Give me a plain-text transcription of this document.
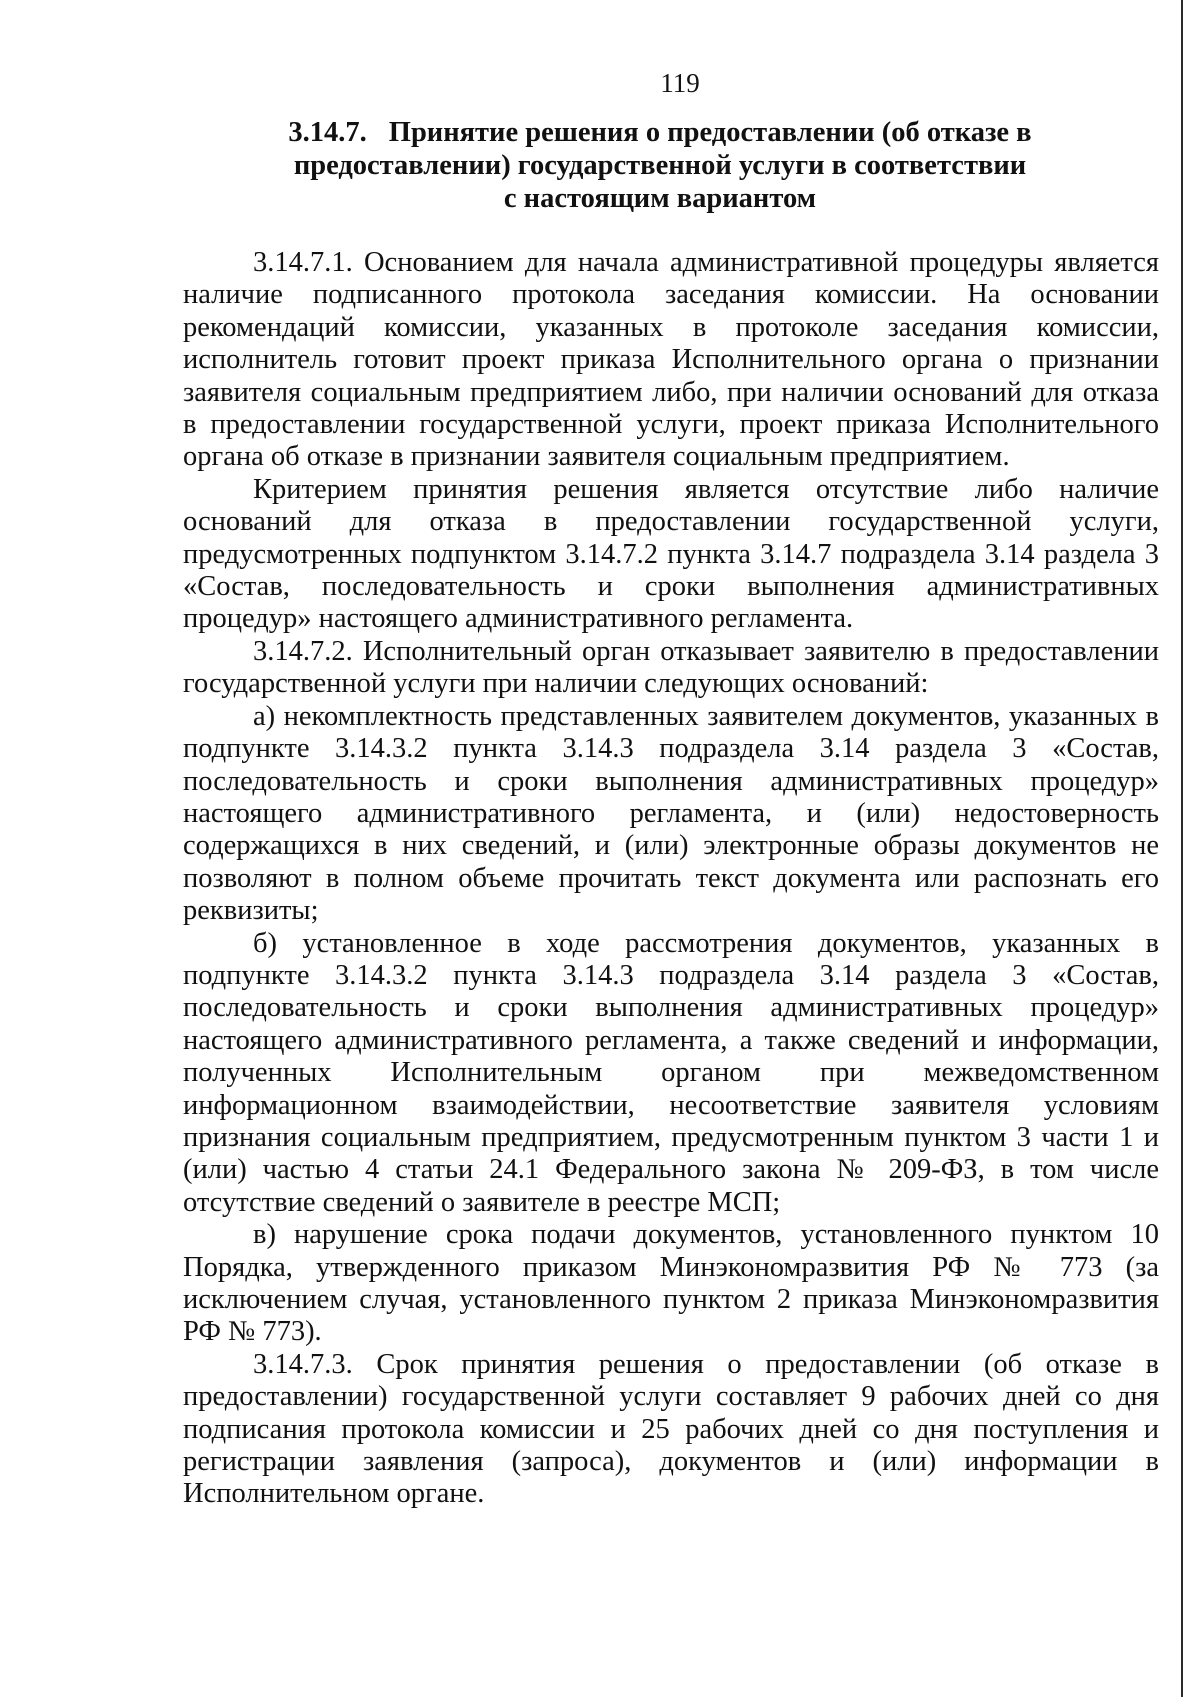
119
3.14.7. Принятие решения о предоставлении (об отказе в
предоставлении) государственной услуги в соответствии
с настоящим вариантом

3.14.7.1. Основанием для начала административной процедуры является наличие подписанного протокола заседания комиссии. На основании рекомендаций комиссии, указанных в протоколе заседания комиссии, исполнитель готовит проект приказа Исполнительного органа о признании заявителя социальным предприятием либо, при наличии оснований для отказа в предоставлении государственной услуги, проект приказа Исполнительного органа об отказе в признании заявителя социальным предприятием.

Критерием принятия решения является отсутствие либо наличие оснований для отказа в предоставлении государственной услуги, предусмотренных подпунктом 3.14.7.2 пункта 3.14.7 подраздела 3.14 раздела 3 «Состав, последовательность и сроки выполнения административных процедур» настоящего административного регламента.

3.14.7.2. Исполнительный орган отказывает заявителю в предоставлении государственной услуги при наличии следующих оснований:

а) некомплектность представленных заявителем документов, указанных в подпункте 3.14.3.2 пункта 3.14.3 подраздела 3.14 раздела 3 «Состав, последовательность и сроки выполнения административных процедур» настоящего административного регламента, и (или) недостоверность содержащихся в них сведений, и (или) электронные образы документов не позволяют в полном объеме прочитать текст документа или распознать его реквизиты;

б) установленное в ходе рассмотрения документов, указанных в подпункте 3.14.3.2 пункта 3.14.3 подраздела 3.14 раздела 3 «Состав, последовательность и сроки выполнения административных процедур» настоящего административного регламента, а также сведений и информации, полученных Исполнительным органом при межведомственном информационном взаимодействии, несоответствие заявителя условиям признания социальным предприятием, предусмотренным пунктом 3 части 1 и (или) частью 4 статьи 24.1 Федерального закона № 209-ФЗ, в том числе отсутствие сведений о заявителе в реестре МСП;

в) нарушение срока подачи документов, установленного пунктом 10 Порядка, утвержденного приказом Минэкономразвития РФ № 773 (за исключением случая, установленного пунктом 2 приказа Минэкономразвития РФ № 773).

3.14.7.3. Срок принятия решения о предоставлении (об отказе в предоставлении) государственной услуги составляет 9 рабочих дней со дня подписания протокола комиссии и 25 рабочих дней со дня поступления и регистрации заявления (запроса), документов и (или) информации в Исполнительном органе.
